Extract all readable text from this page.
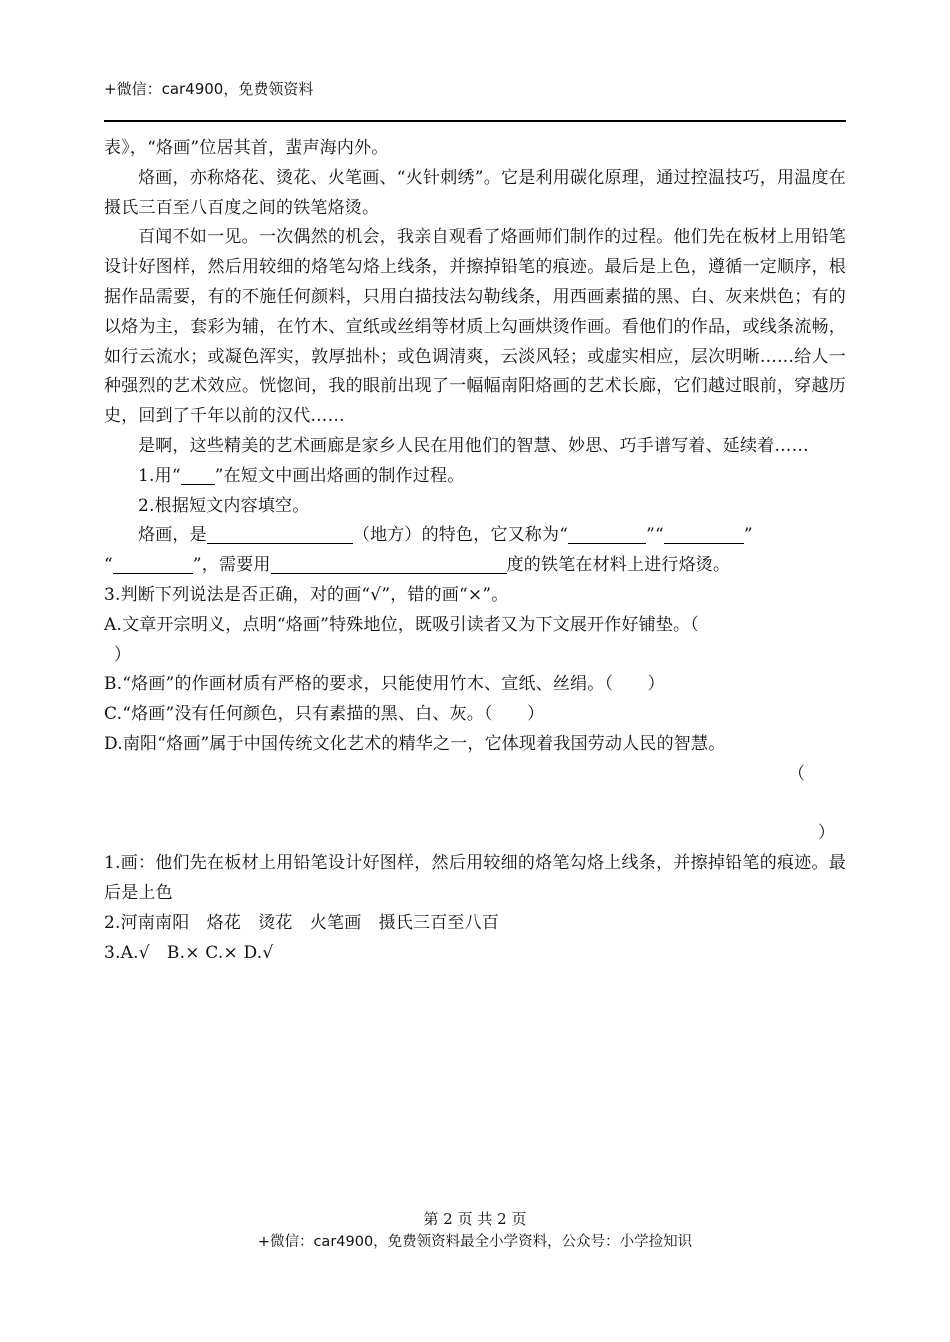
+微信：car4900，免费领资料

表》，“烙画”位居其首，蜚声海内外。

烙画，亦称烙花、烫花、火笔画、“火针刺绣”。它是利用碳化原理，通过控温技巧，用温度在摄氏三百至八百度之间的铁笔烙烫。

百闻不如一见。一次偶然的机会，我亲自观看了烙画师们制作的过程。他们先在板材上用铅笔设计好图样，然后用较细的烙笔勾烙上线条，并擦掉铅笔的痕迹。最后是上色，遵循一定顺序，根据作品需要，有的不施任何颜料，只用白描技法勾勒线条，用西画素描的黑、白、灰来烘色；有的以烙为主，套彩为辅，在竹木、宣纸或丝绢等材质上勾画烘烫作画。看他们的作品，或线条流畅，如行云流水；或凝色浑实，敦厚拙朴；或色调清爽，云淡风轻；或虚实相应，层次明晰……给人一种强烈的艺术效应。恍惚间，我的眼前出现了一幅幅南阳烙画的艺术长廊，它们越过眼前，穿越历史，回到了千年以前的汉代……

是啊，这些精美的艺术画廊是家乡人民在用他们的智慧、妙思、巧手谱写着、延续着……

1.用“ ”在短文中画出烙画的制作过程。

2.根据短文内容填空。

烙画，是	（地方）的特色，它又称为“	”“	”

“	”，需要用	度的铁笔在材料上进行烙烫。

3.判断下列说法是否正确，对的画“√”，错的画“×”。

A.文章开宗明义，点明“烙画”特殊地位，既吸引读者又为下文展开作好铺垫。（

）

B.“烙画”的作画材质有严格的要求，只能使用竹木、宣纸、丝绢。（　　）

C.“烙画”没有任何颜色，只有素描的黑、白、灰。（　　）

D.南阳“烙画”属于中国传统文化艺术的精华之一，它体现着我国劳动人民的智慧。

（

）

1.画：他们先在板材上用铅笔设计好图样，然后用较细的烙笔勾烙上线条，并擦掉铅笔的痕迹。最后是上色

2.河南南阳　烙花　烫花　火笔画　摄氏三百至八百

3.A.√　B.× C.× D.√

第 2 页 共 2 页
+微信：car4900，免费领资料最全小学资料，公众号：小学捡知识
